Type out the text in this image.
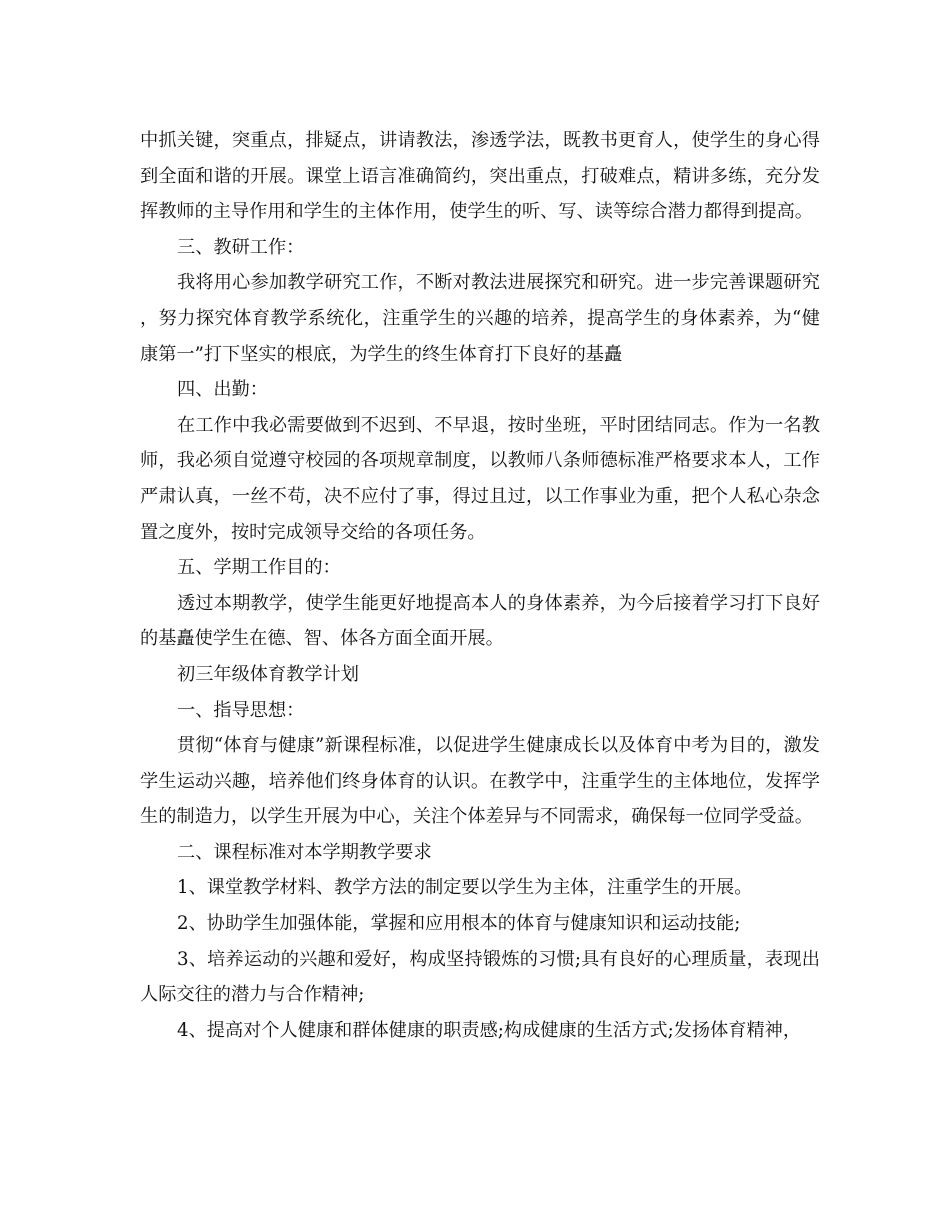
中抓关键，突重点，排疑点，讲请教法，渗透学法，既教书更育人，使学生的身心得到全面和谐的开展。课堂上语言准确简约，突出重点，打破难点，精讲多练，充分发挥教师的主导作用和学生的主体作用，使学生的听、写、读等综合潜力都得到提高。

三、教研工作：

我将用心参加教学研究工作，不断对教法进展探究和研究。进一步完善课题研究，努力探究体育教学系统化，注重学生的兴趣的培养，提高学生的身体素养，为“健康第一”打下坚实的根底，为学生的终生体育打下良好的基矗

四、出勤：

在工作中我必需要做到不迟到、不早退，按时坐班，平时团结同志。作为一名教师，我必须自觉遵守校园的各项规章制度，以教师八条师德标准严格要求本人，工作严肃认真，一丝不苟，决不应付了事，得过且过，以工作事业为重，把个人私心杂念置之度外，按时完成领导交给的各项任务。

五、学期工作目的：

透过本期教学，使学生能更好地提高本人的身体素养，为今后接着学习打下良好的基矗使学生在德、智、体各方面全面开展。

初三年级体育教学计划

一、指导思想：

贯彻“体育与健康”新课程标准，以促进学生健康成长以及体育中考为目的，激发学生运动兴趣，培养他们终身体育的认识。在教学中，注重学生的主体地位，发挥学生的制造力，以学生开展为中心，关注个体差异与不同需求，确保每一位同学受益。

二、课程标准对本学期教学要求

1、课堂教学材料、教学方法的制定要以学生为主体，注重学生的开展。

2、协助学生加强体能，掌握和应用根本的体育与健康知识和运动技能;

3、培养运动的兴趣和爱好，构成坚持锻炼的习惯;具有良好的心理质量，表现出人际交往的潜力与合作精神;

4、提高对个人健康和群体健康的职责感;构成健康的生活方式;发扬体育精神，
